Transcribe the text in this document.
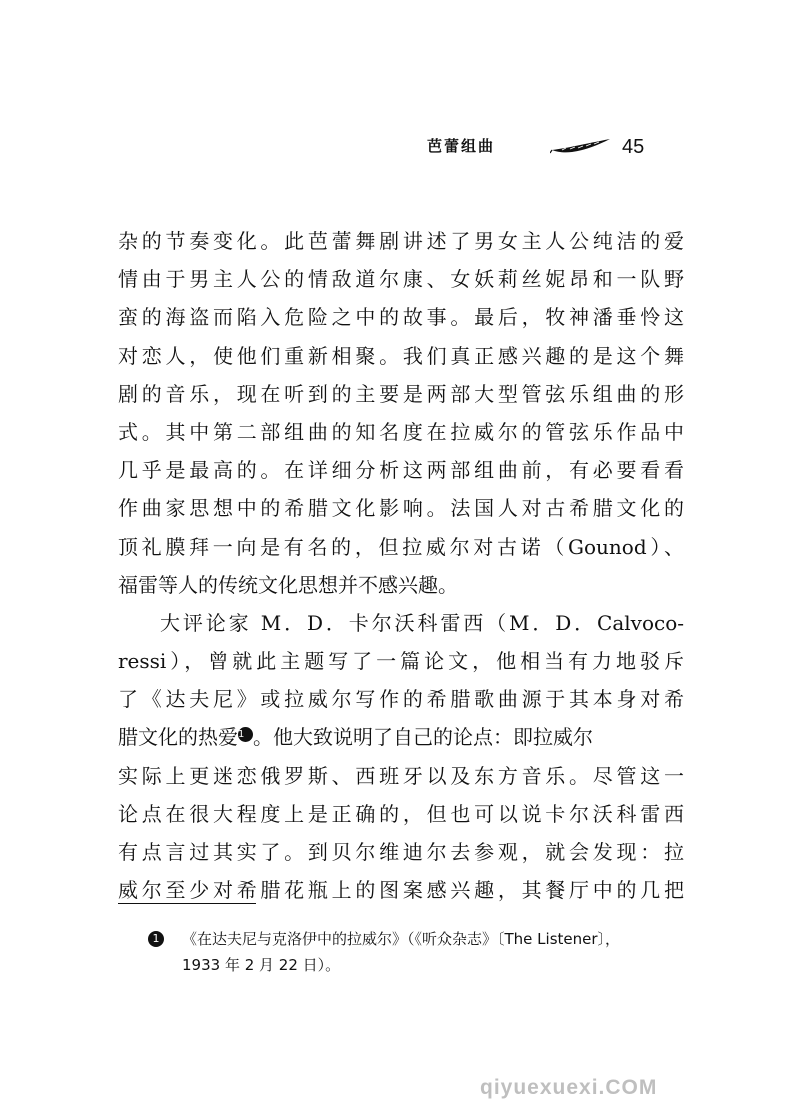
芭蕾组曲	45
杂的节奏变化。此芭蕾舞剧讲述了男女主人公纯洁的爱
情由于男主人公的情敌道尔康、女妖莉丝妮昂和一队野
蛮的海盗而陷入危险之中的故事。最后，牧神潘垂怜这
对恋人，使他们重新相聚。我们真正感兴趣的是这个舞
剧的音乐，现在听到的主要是两部大型管弦乐组曲的形
式。其中第二部组曲的知名度在拉威尔的管弦乐作品中
几乎是最高的。在详细分析这两部组曲前，有必要看看
作曲家思想中的希腊文化影响。法国人对古希腊文化的
顶礼膜拜一向是有名的，但拉威尔对古诺（Gounod）、
福雷等人的传统文化思想并不感兴趣。
大评论家 M．D．卡尔沃科雷西（M．D．Calvoco-
ressi），曾就此主题写了一篇论文，他相当有力地驳斥
了《达夫尼》或拉威尔写作的希腊歌曲源于其本身对希
腊文化的热爱1 。他大致说明了自己的论点：即拉威尔
实际上更迷恋俄罗斯、西班牙以及东方音乐。尽管这一
论点在很大程度上是正确的，但也可以说卡尔沃科雷西
有点言过其实了。到贝尔维迪尔去参观，就会发现：拉
威尔至少对希腊花瓶上的图案感兴趣，其餐厅中的几把
1	《在达夫尼与克洛伊中的拉威尔》（《听众杂志》〔The Listener〕，
1933 年 2 月 22 日）。
qiyuexuexi.COM
